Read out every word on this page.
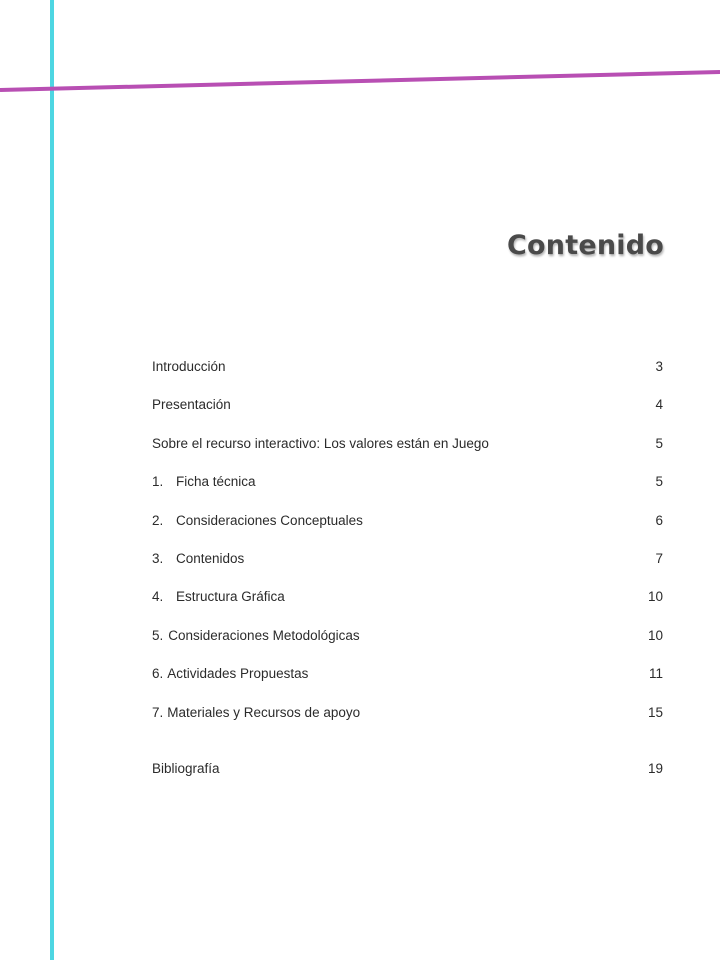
Contenido
Introducción	3
Presentación	4
Sobre el recurso interactivo: Los valores están en Juego	5
1. Ficha técnica	5
2. Consideraciones Conceptuales	6
3. Contenidos	7
4. Estructura Gráfica	10
5. Consideraciones Metodológicas	10
6. Actividades Propuestas	11
7. Materiales y Recursos de apoyo	15
Bibliografía	19
